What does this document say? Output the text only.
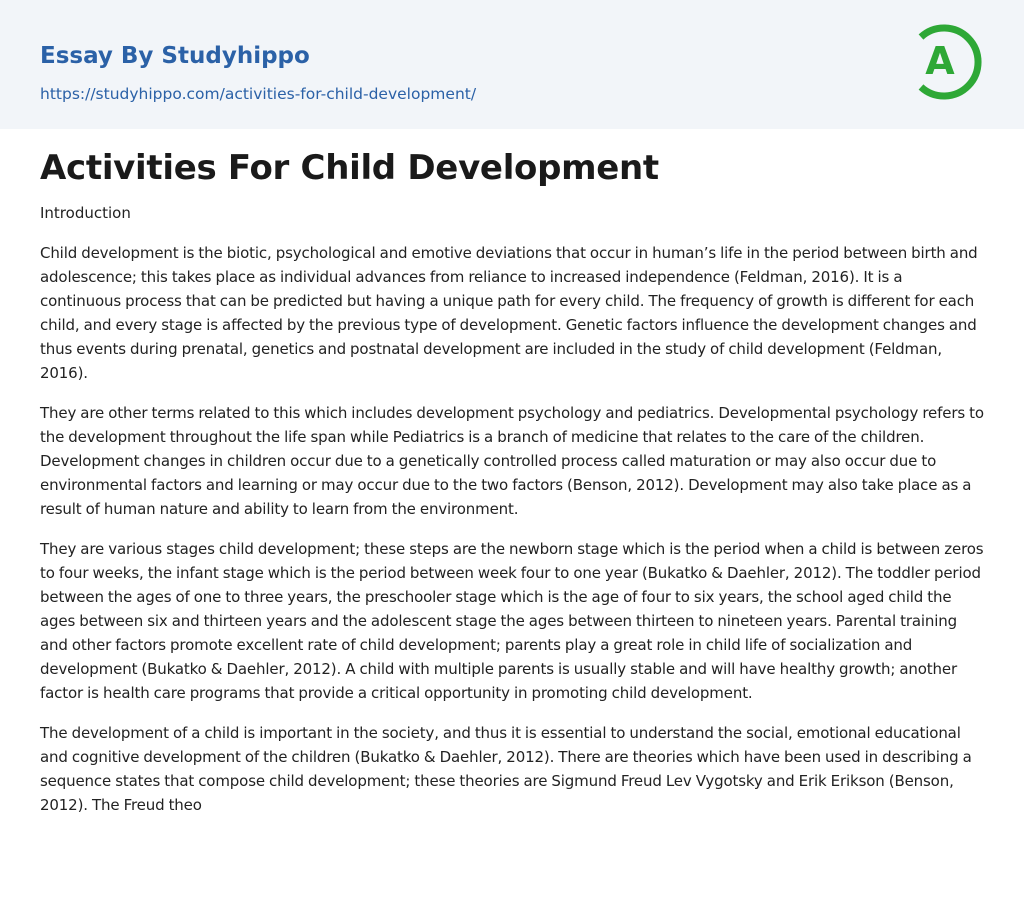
Essay By Studyhippo
https://studyhippo.com/activities-for-child-development/
A
Activities For Child Development

Introduction

Child development is the biotic, psychological and emotive deviations that occur in human’s life in the period between birth and adolescence; this takes place as individual advances from reliance to increased independence (Feldman, 2016). It is a continuous process that can be predicted but having a unique path for every child. The frequency of growth is different for each child, and every stage is affected by the previous type of development. Genetic factors influence the development changes and thus events during prenatal, genetics and postnatal development are included in the study of child development (Feldman, 2016).

They are other terms related to this which includes development psychology and pediatrics. Developmental psychology refers to the development throughout the life span while Pediatrics is a branch of medicine that relates to the care of the children. Development changes in children occur due to a genetically controlled process called maturation or may also occur due to environmental factors and learning or may occur due to the two factors (Benson, 2012). Development may also take place as a result of human nature and ability to learn from the environment.

They are various stages child development; these steps are the newborn stage which is the period when a child is between zeros to four weeks, the infant stage which is the period between week four to one year (Bukatko & Daehler, 2012). The toddler period between the ages of one to three years, the preschooler stage which is the age of four to six years, the school aged child the ages between six and thirteen years and the adolescent stage the ages between thirteen to nineteen years. Parental training and other factors promote excellent rate of child development; parents play a great role in child life of socialization and development (Bukatko & Daehler, 2012). A child with multiple parents is usually stable and will have healthy growth; another factor is health care programs that provide a critical opportunity in promoting child development.

The development of a child is important in the society, and thus it is essential to understand the social, emotional educational and cognitive development of the children (Bukatko & Daehler, 2012). There are theories which have been used in describing a sequence states that compose child development; these theories are Sigmund Freud Lev Vygotsky and Erik Erikson (Benson, 2012). The Freud theo
